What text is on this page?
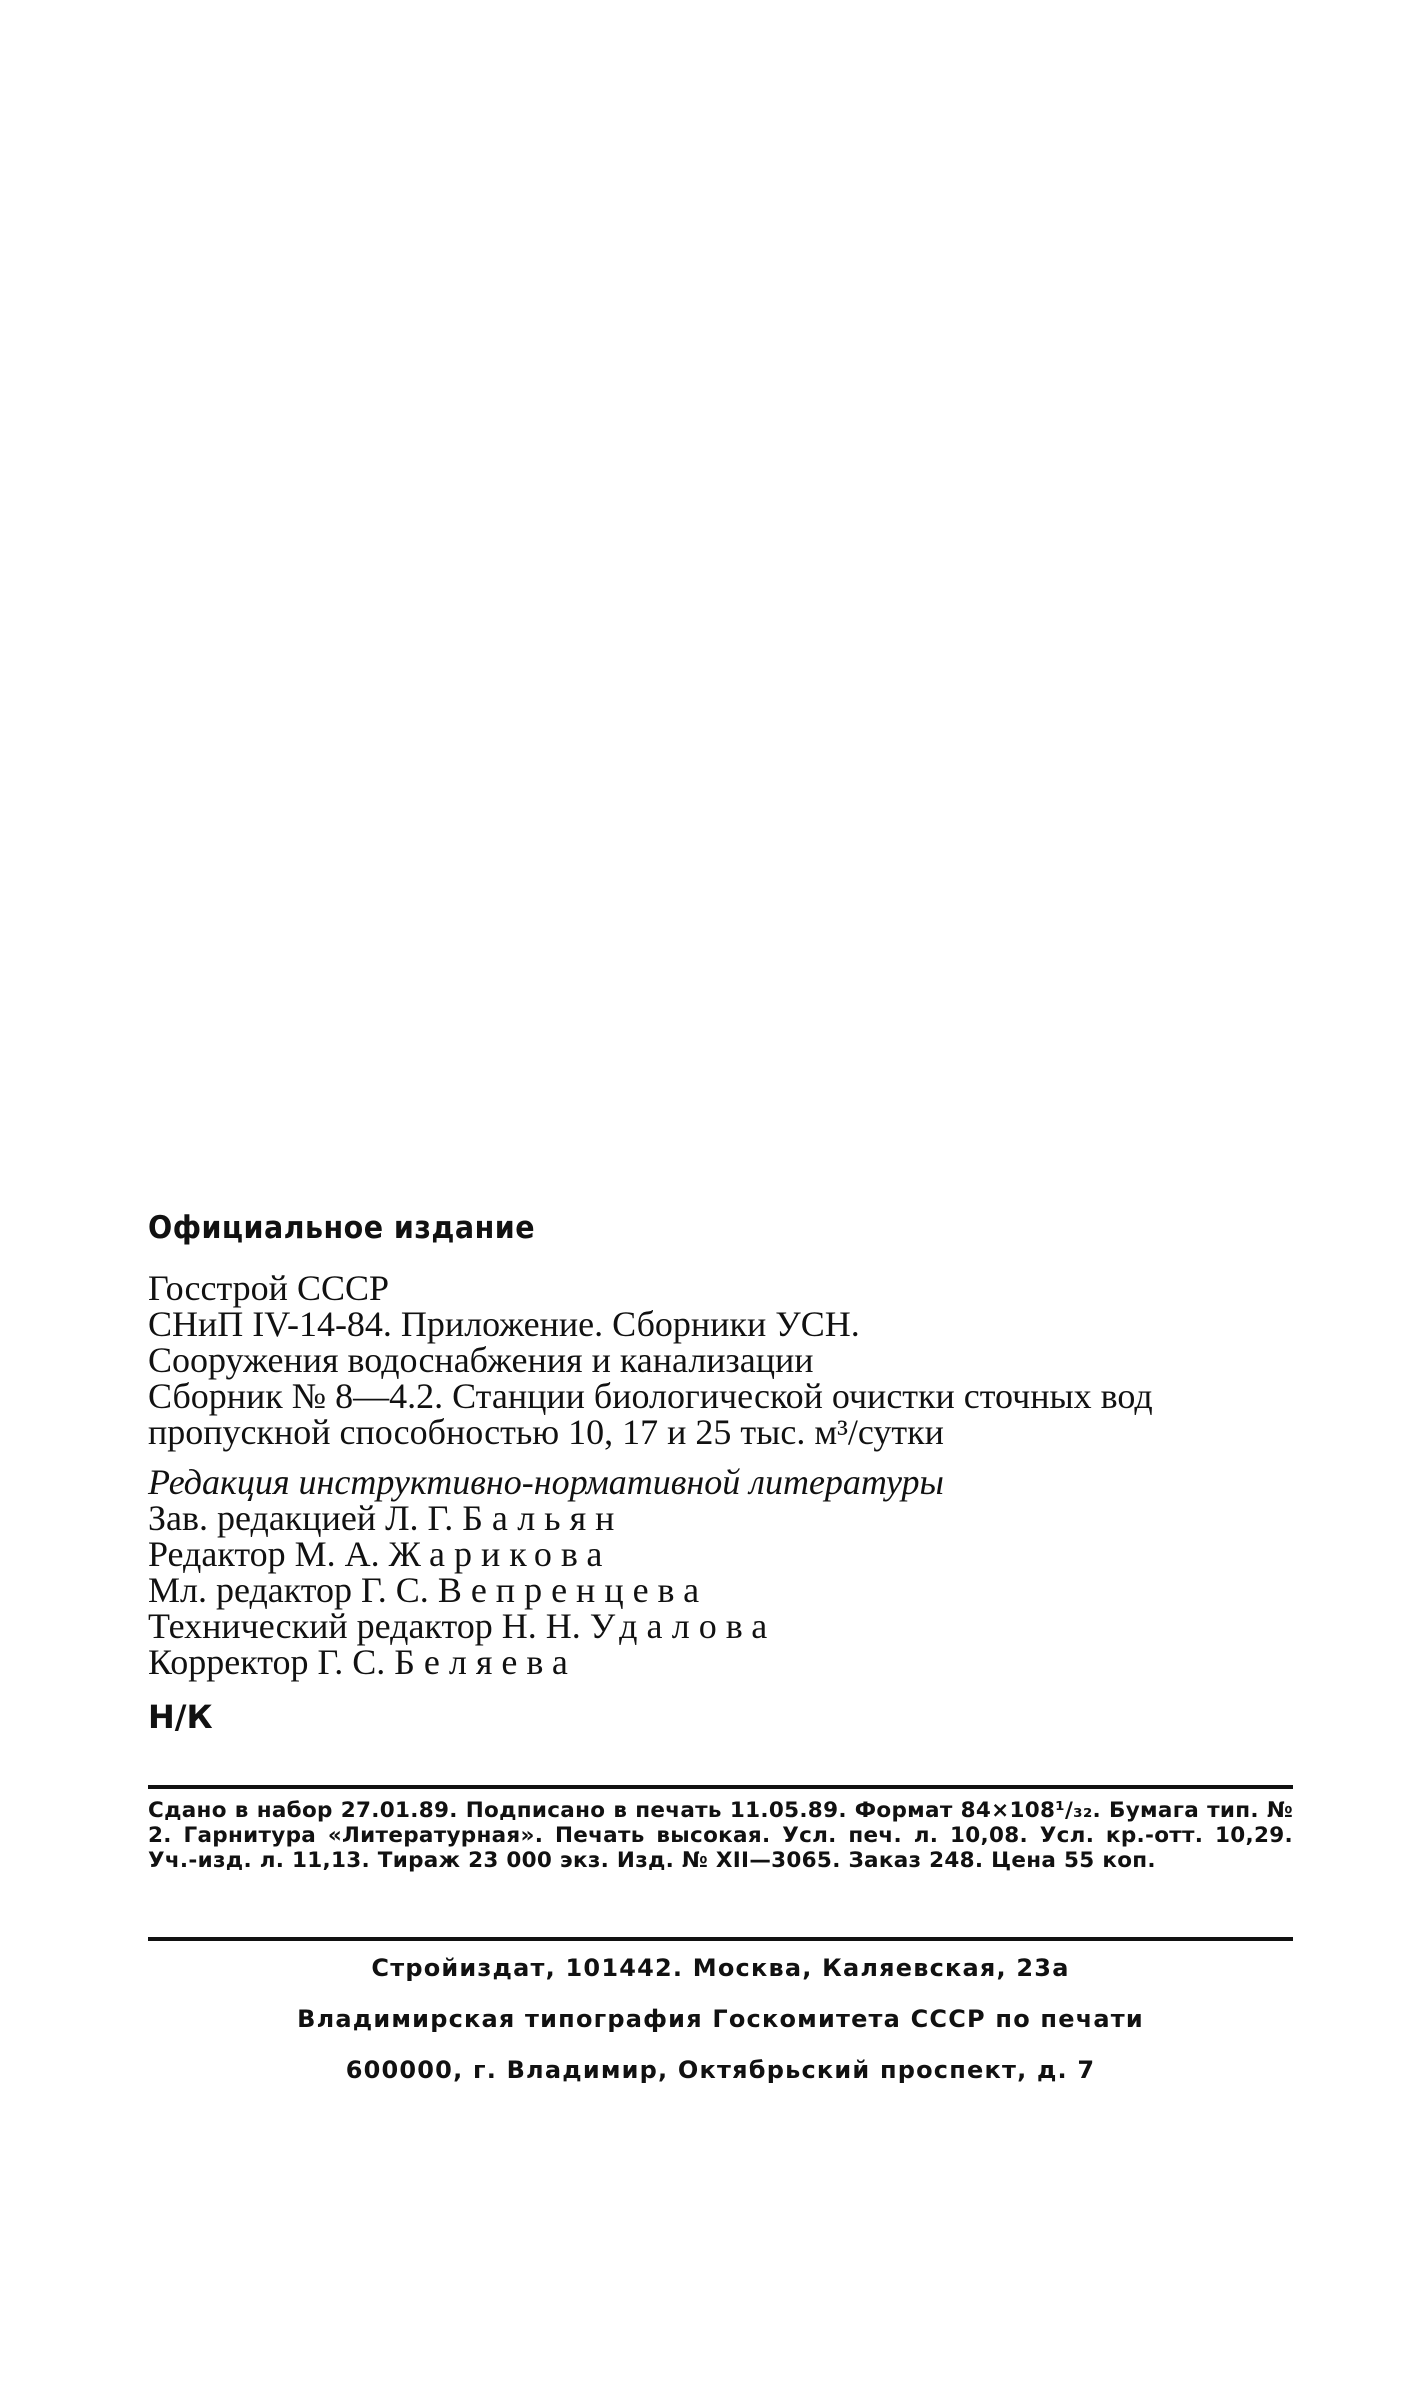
Официальное издание

Госстрой СССР
СНиП IV-14-84. Приложение. Сборники УСН.
Сооружения водоснабжения и канализации
Сборник № 8—4.2. Станции биологической очистки сточных вод
пропускной способностью 10, 17 и 25 тыс. м³/сутки

Редакция инструктивно-нормативной литературы
Зав. редакцией Л. Г. Бальян
Редактор М. А. Жарикова
Мл. редактор Г. С. Вепренцева
Технический редактор Н. Н. Удалова
Корректор Г. С. Беляева

Н/К

Сдано в набор 27.01.89. Подписано в печать 11.05.89. Формат 84×108¹/₃₂. Бумага тип. № 2. Гарнитура «Литературная». Печать высокая. Усл. печ. л. 10,08. Усл. кр.-отт. 10,29. Уч.-изд. л. 11,13. Тираж 23 000 экз. Изд. № XII—3065. Заказ 248. Цена 55 коп.
Стройиздат, 101442. Москва, Каляевская, 23а
Владимирская типография Госкомитета СССР по печати
600000, г. Владимир, Октябрьский проспект, д. 7
